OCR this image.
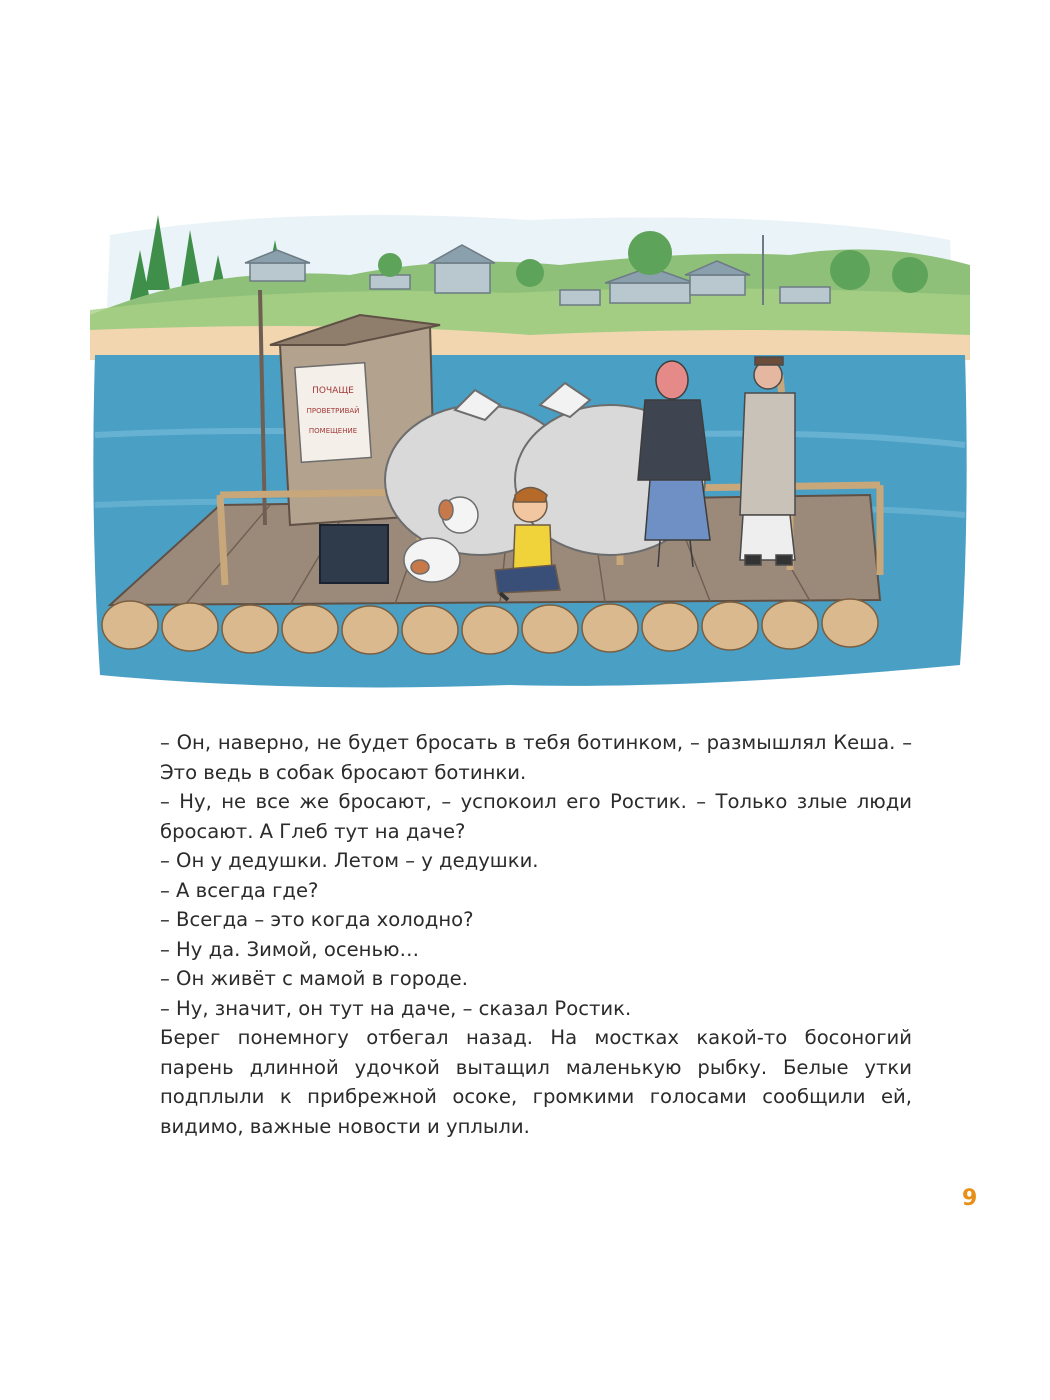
ПОЧАЩЕ
ПРОВЕТРИВАЙ
ПОМЕЩЕНИЕ

– Он, наверно, не будет бросать в тебя ботинком, – размышлял Кеша. – Это ведь в собак бросают ботинки.

– Ну, не все же бросают, – успокоил его Ростик. – Только злые люди бросают. А Глеб тут на даче?

– Он у дедушки. Летом – у дедушки.

– А всегда где?

– Всегда – это когда холодно?

– Ну да. Зимой, осенью…

– Он живёт с мамой в городе.

– Ну, значит, он тут на даче, – сказал Ростик.

Берег понемногу отбегал назад. На мостках какой-то босоногий парень длинной удочкой вытащил маленькую рыбку. Белые утки подплыли к прибрежной осоке, громкими голосами сообщили ей, видимо, важные новости и уплыли.

9
